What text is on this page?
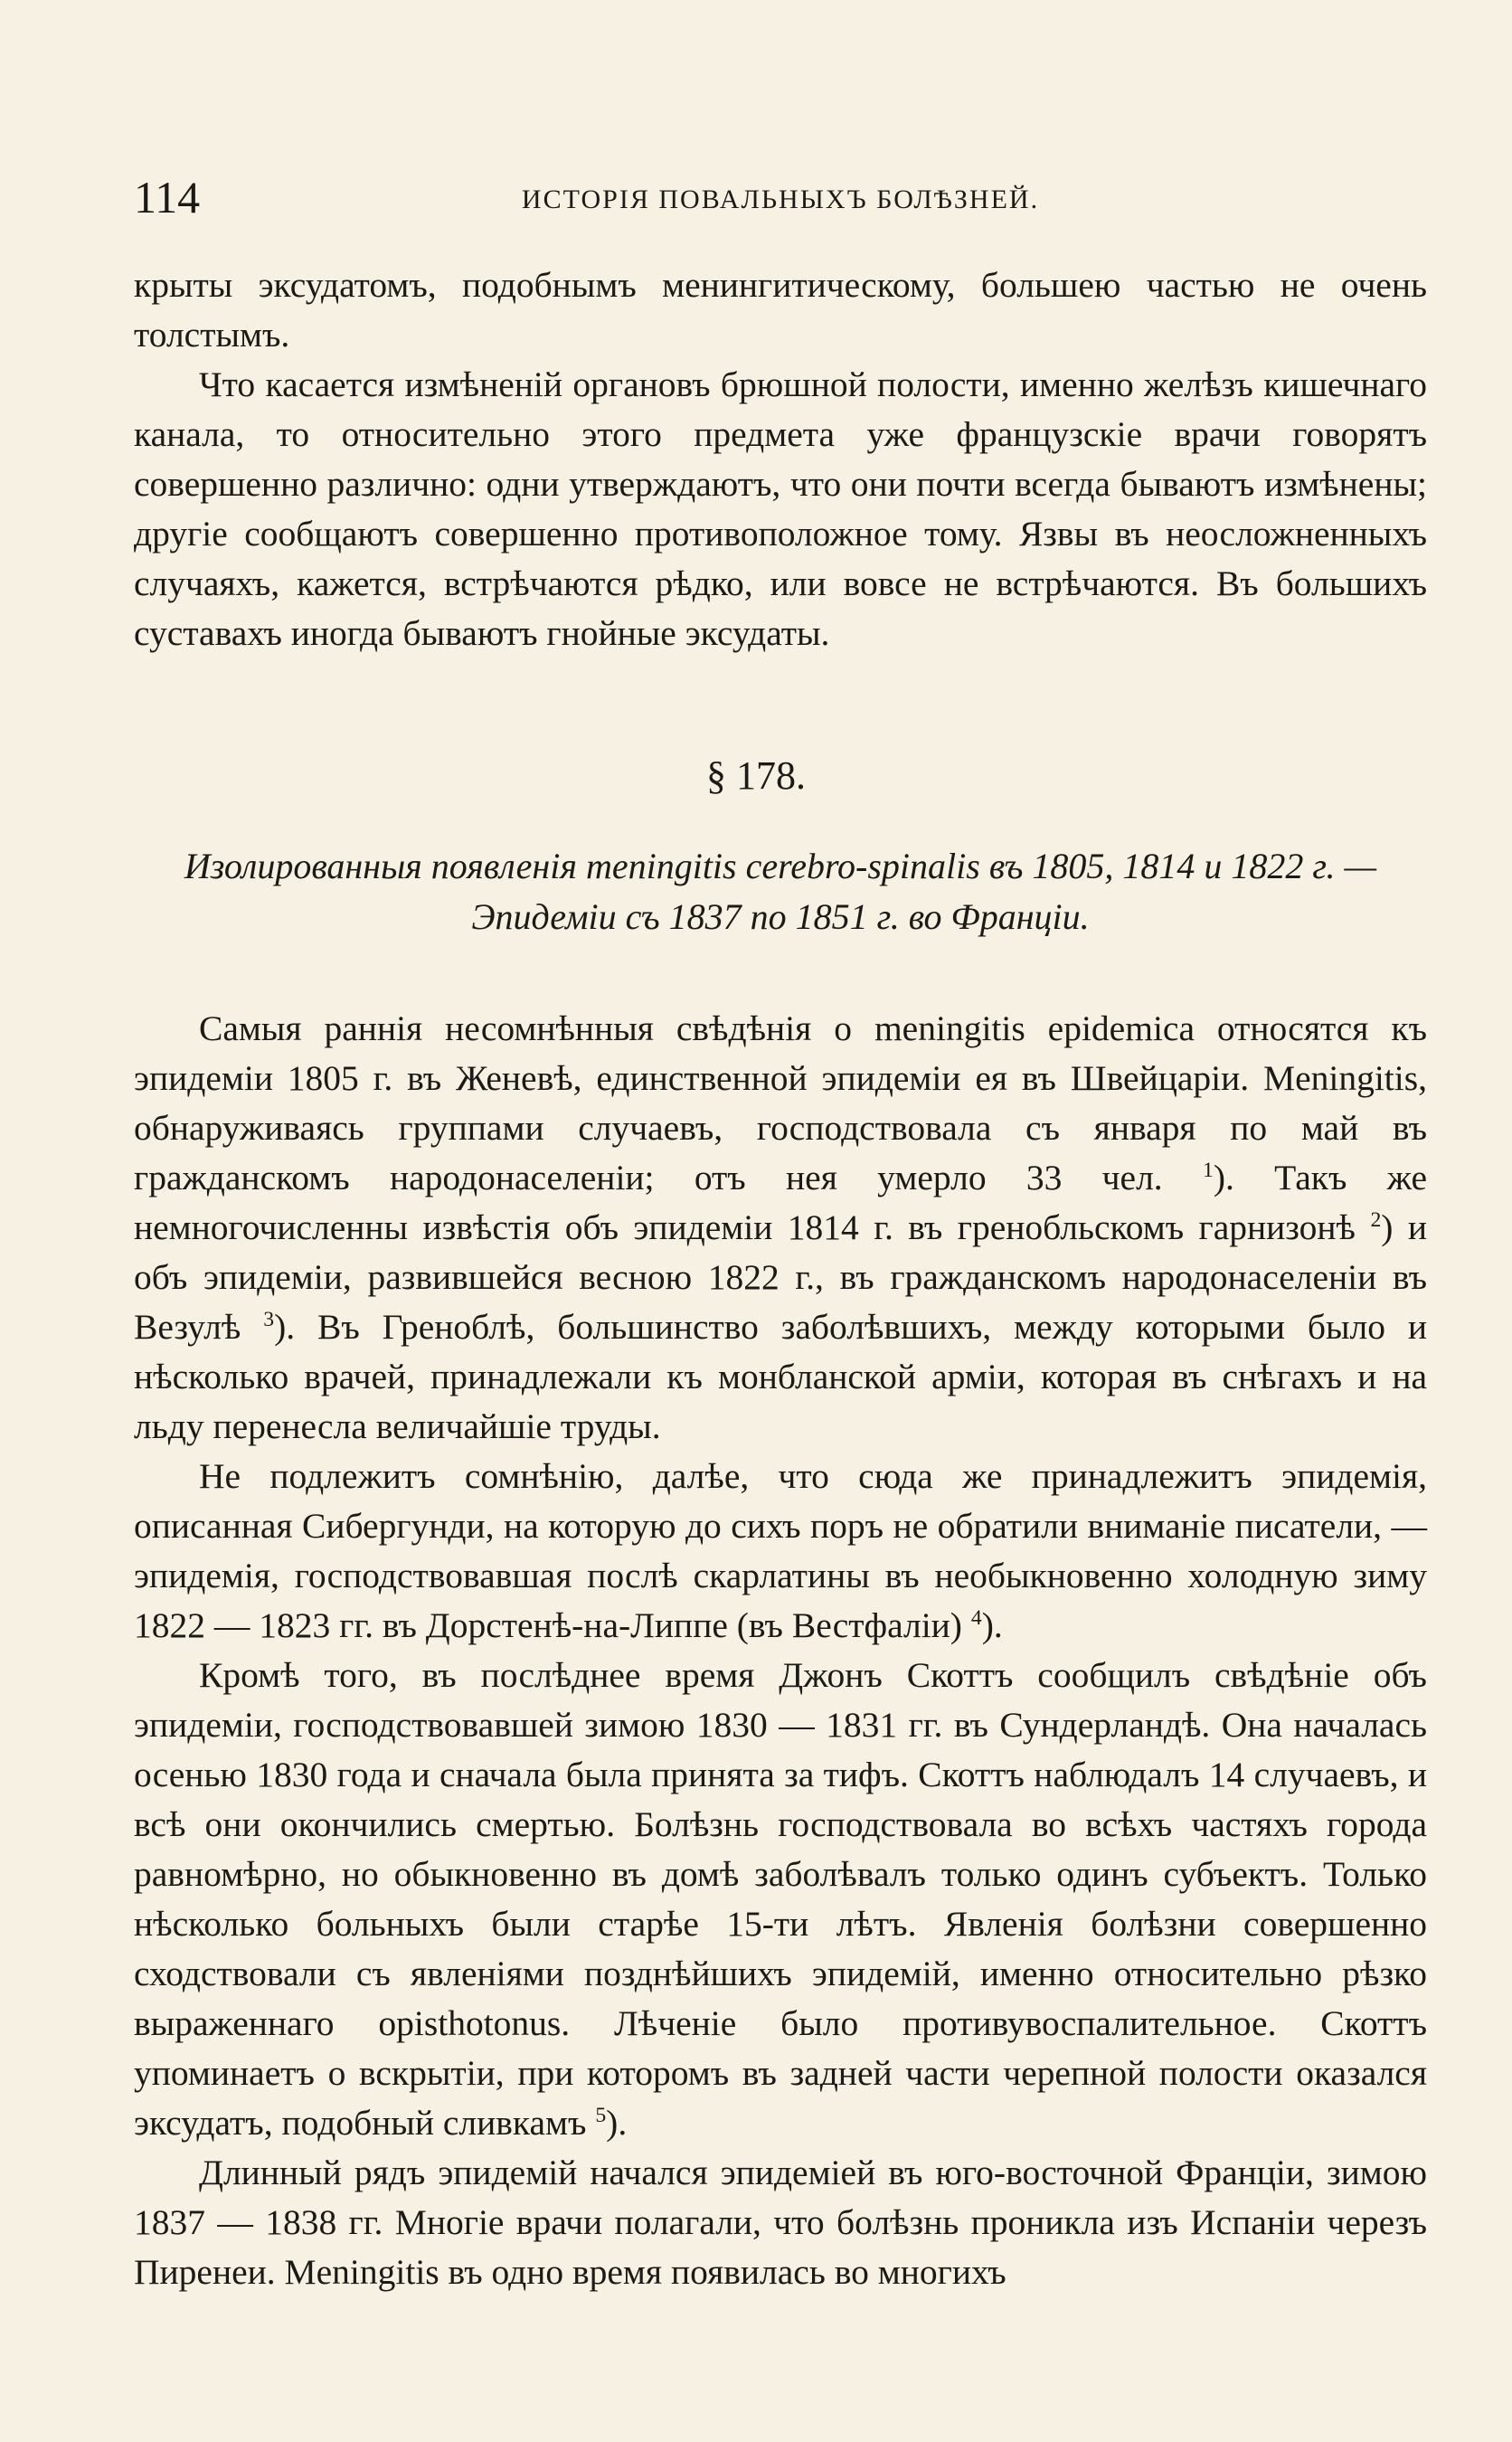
114	ИСТОРІЯ ПОВАЛЬНЫХЪ БОЛѢЗНЕЙ.

крыты эксудатомъ, подобнымъ менингитическому, большею частью не очень толстымъ.

Что касается измѣненій органовъ брюшной полости, именно желѣзъ кишечнаго канала, то относительно этого предмета уже французскіе врачи говорятъ совершенно различно: одни утверждаютъ, что они почти всегда бываютъ измѣнены; другіе сообщаютъ совершенно противоположное тому. Язвы въ неосложненныхъ случаяхъ, кажется, встрѣчаются рѣдко, или вовсе не встрѣчаются. Въ большихъ суставахъ иногда бываютъ гнойные эксудаты.

§ 178.
Изолированныя появленія meningitis cerebro-spinalis въ 1805, 1814 и 1822 г. — Эпидеміи съ 1837 по 1851 г. во Франціи.

Самыя раннія несомнѣнныя свѣдѣнія о meningitis epidemica относятся къ эпидеміи 1805 г. въ Женевѣ, единственной эпидеміи ея въ Швейцаріи. Meningitis, обнаруживаясь группами случаевъ, господствовала съ января по май въ гражданскомъ народонаселеніи; отъ нея умерло 33 чел. $^1$). Такъ же немногочисленны извѣстія объ эпидеміи 1814 г. въ гренобльскомъ гарнизонѣ $^2$) и объ эпидеміи, развившейся весною 1822 г., въ гражданскомъ народонаселеніи въ Везулѣ $^3$). Въ Гренoблѣ, большинство заболѣвшихъ, между которыми было и нѣсколько врачей, принадлежали къ монбланской арміи, которая въ снѣгахъ и на льду перенесла величайшіе труды.

Не подлежитъ сомнѣнію, далѣе, что сюда же принадлежитъ эпидемія, описанная Сибергунди, на которую до сихъ поръ не обратили вниманіе писатели, — эпидемія, господствовавшая послѣ скарлатины въ необыкновенно холодную зиму 1822 — 1823 гг. въ Дорстенѣ-на-Липпе (въ Вестфаліи) $^4$).

Кромѣ того, въ послѣднее время Джонъ Скоттъ сообщилъ свѣдѣніе объ эпидеміи, господствовавшей зимою 1830 — 1831 гг. въ Сундерландѣ. Она началась осенью 1830 года и сначала была принята за тифъ. Скоттъ наблюдалъ 14 случаевъ, и всѣ они окончились смертью. Болѣзнь господствовала во всѣхъ частяхъ города равномѣрно, но обыкновенно въ домѣ заболѣвалъ только одинъ субъектъ. Только нѣсколько больныхъ были старѣе 15-ти лѣтъ. Явленія болѣзни совершенно сходствовали съ явленіями позднѣйшихъ эпидемій, именно относительно рѣзко выраженнаго opisthotonus. Лѣченіе было противувоспалительное. Скоттъ упоминаетъ о вскрытіи, при которомъ въ задней части черепной полости оказался эксудатъ, подобный сливкамъ $^5$).

Длинный рядъ эпидемій начался эпидеміей въ юго-восточной Франціи, зимою 1837 — 1838 гг. Многіе врачи полагали, что болѣзнь проникла изъ Испаніи черезъ Пиренеи. Meningitis въ одно время появилась во многихъ
